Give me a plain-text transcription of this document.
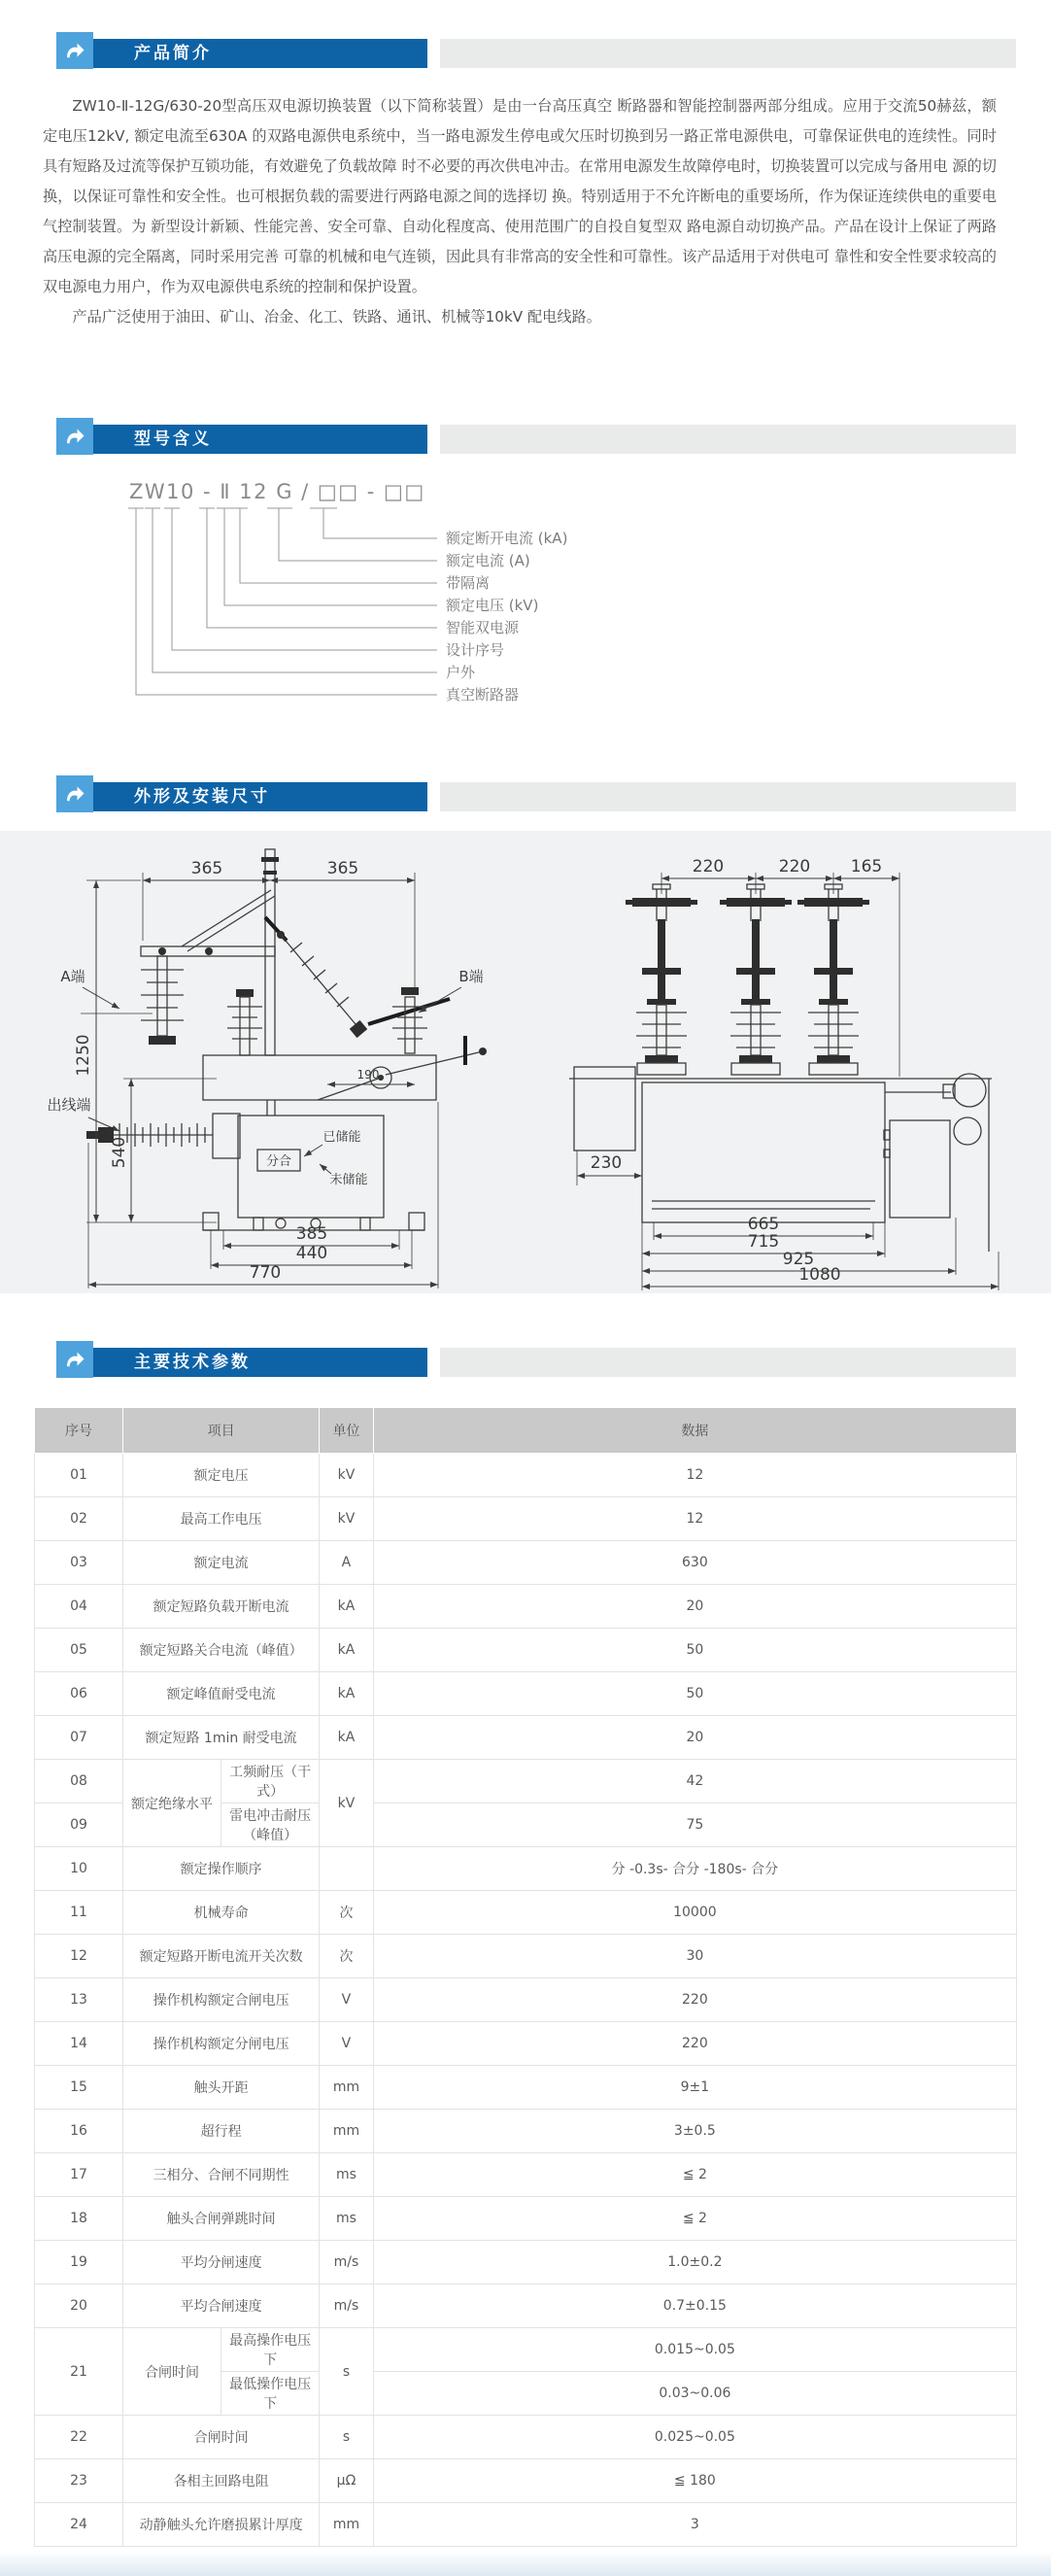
产品简介

ZW10-Ⅱ-12G/630-20型高压双电源切换装置（以下简称装置）是由一台高压真空 断路器和智能控制器两部分组成。应用于交流50赫兹，额定电压12kV, 额定电流至630A 的双路电源供电系统中，当一路电源发生停电或欠压时切换到另一路正常电源供电，可靠保证供电的连续性。同时具有短路及过流等保护互锁功能，有效避免了负载故障 时不必要的再次供电冲击。在常用电源发生故障停电时，切换装置可以完成与备用电 源的切换，以保证可靠性和安全性。也可根据负载的需要进行两路电源之间的选择切 换。特别适用于不允许断电的重要场所，作为保证连续供电的重要电气控制装置。为 新型设计新颖、性能完善、安全可靠、自动化程度高、使用范围广的自投自复型双 路电源自动切换产品。产品在设计上保证了两路高压电源的完全隔离，同时采用完善 可靠的机械和电气连锁，因此具有非常高的安全性和可靠性。该产品适用于对供电可 靠性和安全性要求较高的双电源电力用户，作为双电源供电系统的控制和保护设置。

产品广泛使用于油田、矿山、冶金、化工、铁路、通讯、机械等10kV 配电线路。

型号含义
ZW10 - Ⅱ 12 G / □□ - □□
额定断开电流 (kA)
额定电流 (A)
带隔离
额定电压 (kV)
智能双电源
设计序号
户外
真空断路器
外形及安装尺寸
365	365
A端	B端
190
分合
已储能
未储能
出线端
1250
540
385
440
770
220	220 165
230
665
715
925
1080
主要技术参数
序号	项目		单位	数据
01	额定电压		kV	12
02	最高工作电压		kV	12
03	额定电流		A	630
04	额定短路负载开断电流		kA	20
05	额定短路关合电流（峰值）		kA	50
06	额定峰值耐受电流		kA	50
07	额定短路 1min 耐受电流		kA	20
08	额定绝缘水平	工频耐压（干式）	kV	42
09		雷电冲击耐压（峰值）		75
10	额定操作顺序			分 -0.3s- 合分 -180s- 合分
11	机械寿命		次	10000
12	额定短路开断电流开关次数		次	30
13	操作机构额定合闸电压		V	220
14	操作机构额定分闸电压		V	220
15	触头开距		mm	9±1
16	超行程		mm	3±0.5
17	三相分、合闸不同期性		ms	≦ 2
18	触头合闸弹跳时间		ms	≦ 2
19	平均分闸速度		m/s	1.0±0.2
20	平均合闸速度		m/s	0.7±0.15
21	合闸时间	最高操作电压下	s	0.015~0.05
		最低操作电压下		0.03~0.06
22	合闸时间		s	0.025~0.05
23	各相主回路电阻		μΩ	≦ 180
24	动静触头允许磨损累计厚度		mm	3
